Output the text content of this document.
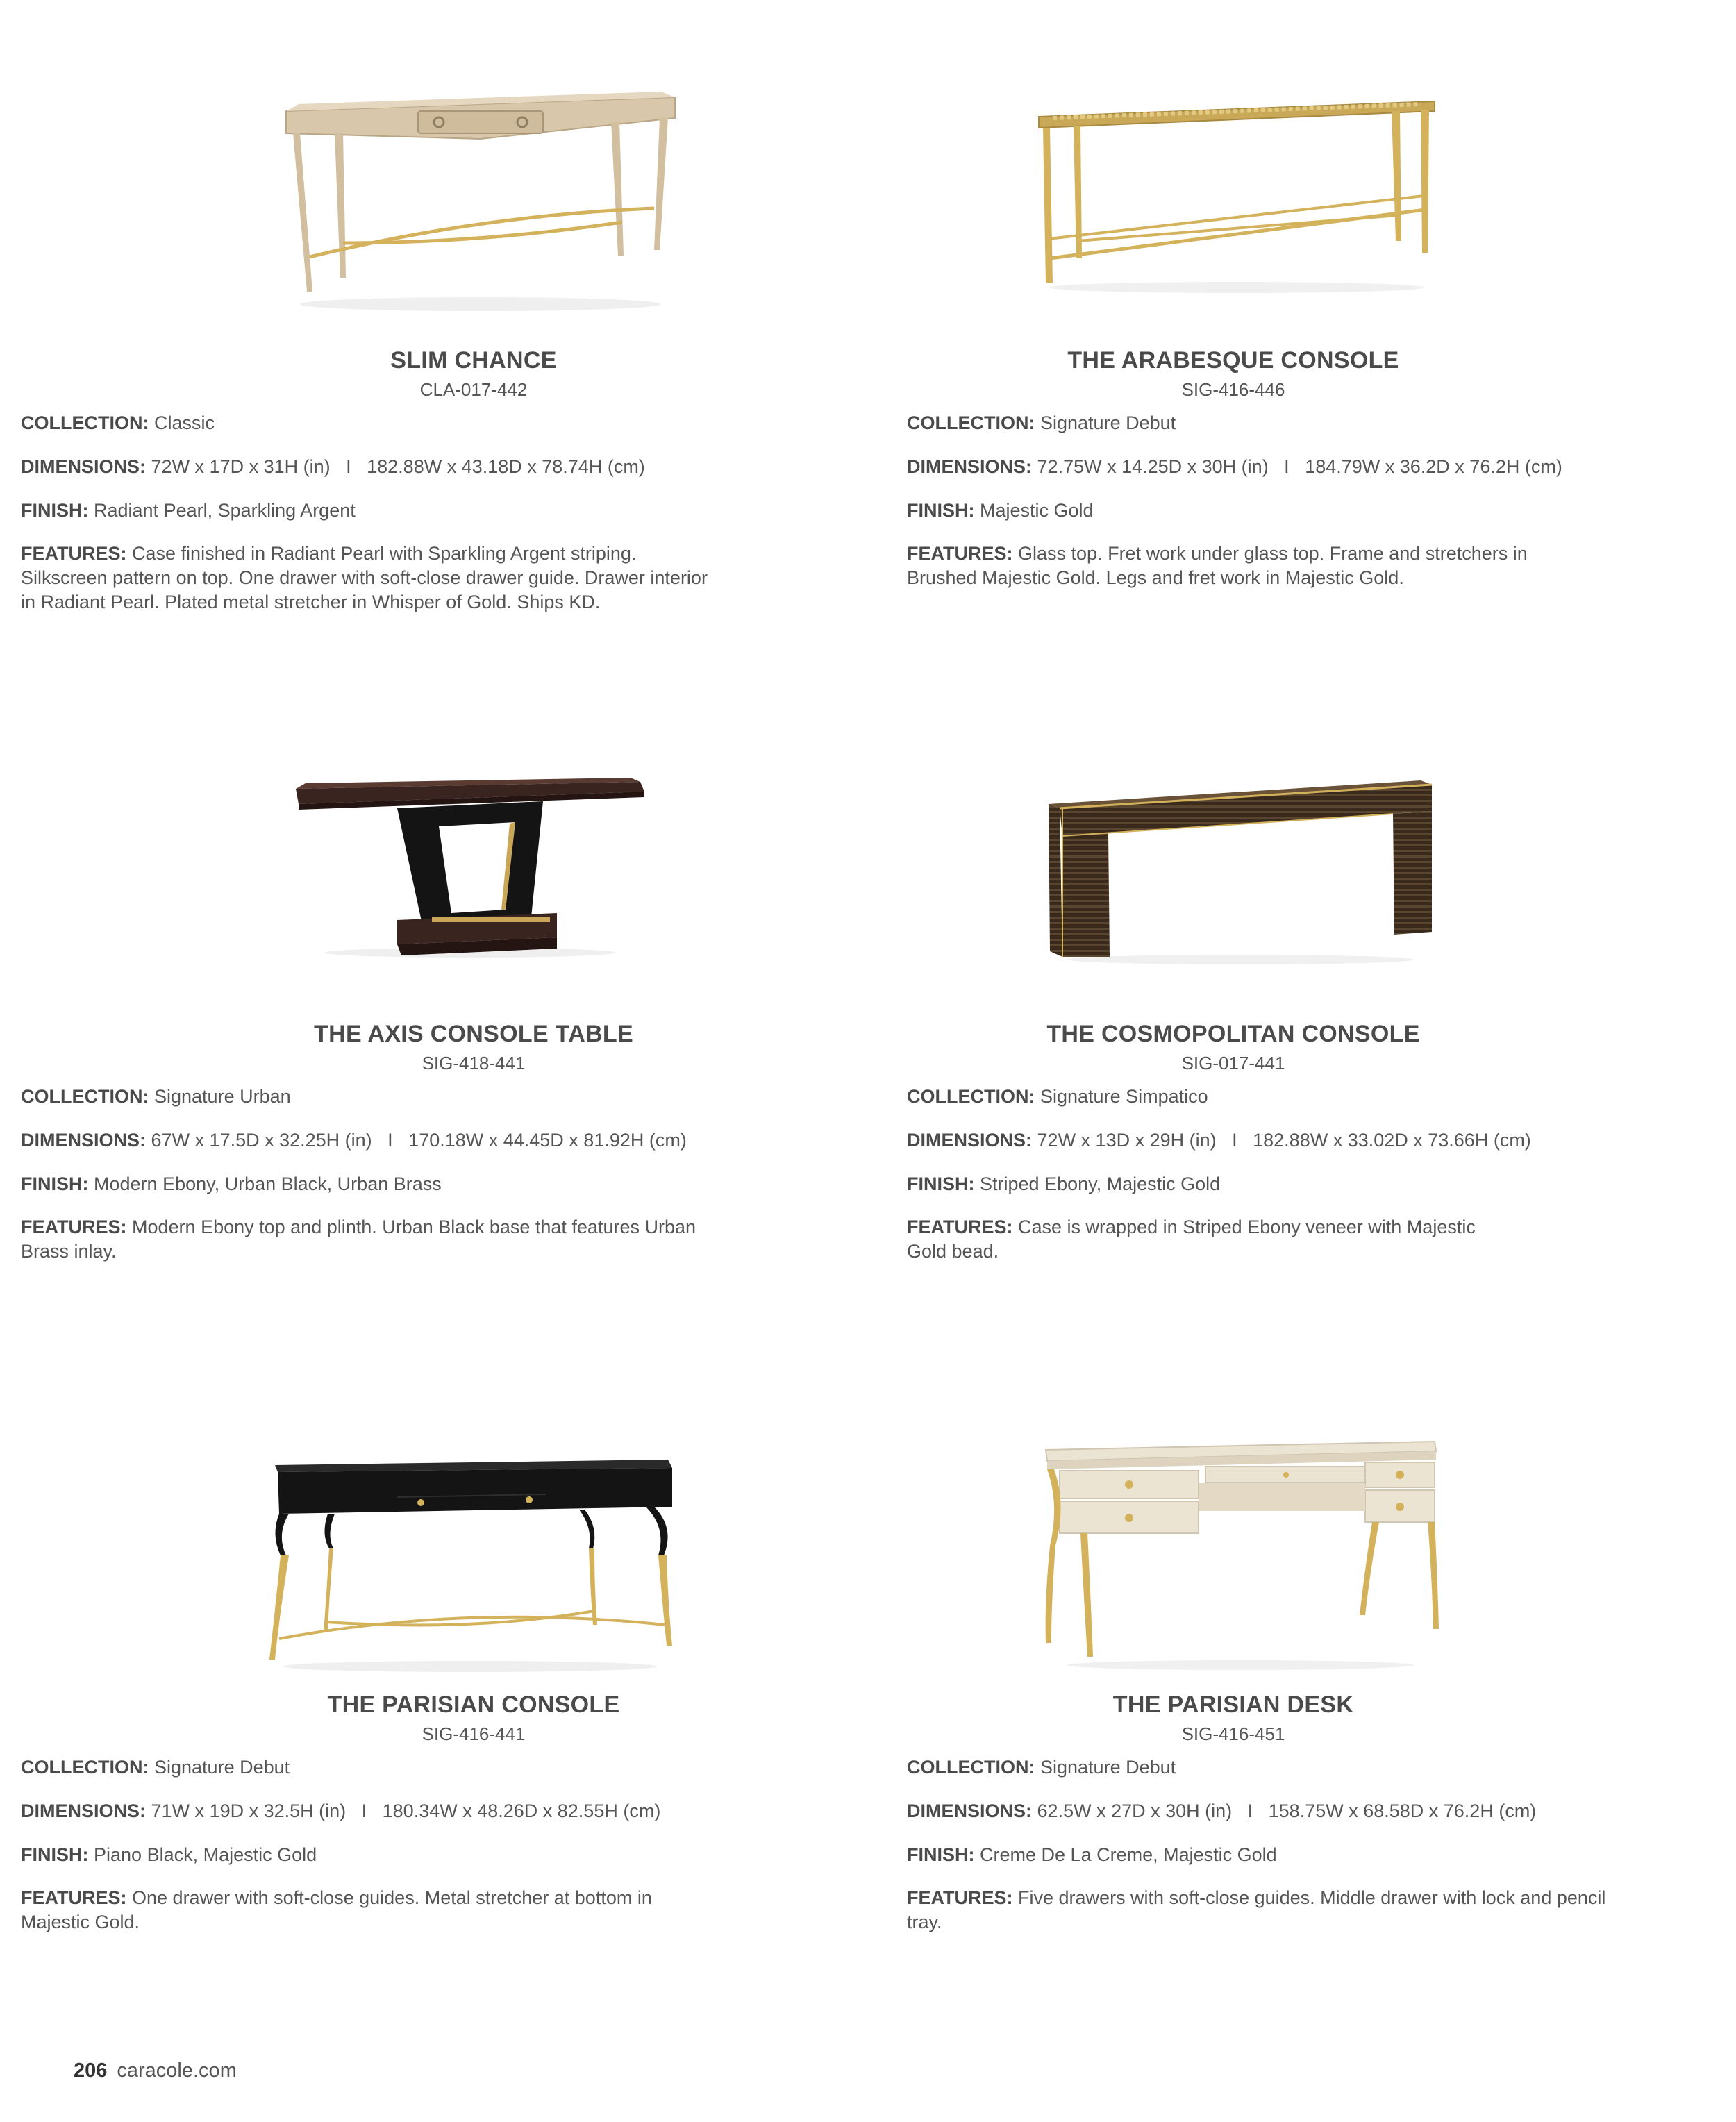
SLIM CHANCE
CLA-017-442
COLLECTION: Classic
DIMENSIONS: 72W x 17D x 31H (in)   I   182.88W x 43.18D x 78.74H (cm)
FINISH: Radiant Pearl, Sparkling Argent
FEATURES: Case finished in Radiant Pearl with Sparkling Argent striping. Silkscreen pattern on top. One drawer with soft-close drawer guide. Drawer interior in Radiant Pearl. Plated metal stretcher in Whisper of Gold. Ships KD.
THE ARABESQUE CONSOLE
SIG-416-446
COLLECTION: Signature Debut
DIMENSIONS: 72.75W x 14.25D x 30H (in)   I   184.79W x 36.2D x 76.2H (cm)
FINISH: Majestic Gold
FEATURES: Glass top. Fret work under glass top. Frame and stretchers in Brushed Majestic Gold. Legs and fret work in Majestic Gold.
THE AXIS CONSOLE TABLE
SIG-418-441
COLLECTION: Signature Urban
DIMENSIONS: 67W x 17.5D x 32.25H (in)   I   170.18W x 44.45D x 81.92H (cm)
FINISH: Modern Ebony, Urban Black, Urban Brass
FEATURES: Modern Ebony top and plinth. Urban Black base that features Urban Brass inlay.
THE COSMOPOLITAN CONSOLE
SIG-017-441
COLLECTION: Signature Simpatico
DIMENSIONS: 72W x 13D x 29H (in)   I   182.88W x 33.02D x 73.66H (cm)
FINISH: Striped Ebony, Majestic Gold
FEATURES: Case is wrapped in Striped Ebony veneer with Majestic Gold bead.
THE PARISIAN CONSOLE
SIG-416-441
COLLECTION: Signature Debut
DIMENSIONS: 71W x 19D x 32.5H (in)   I   180.34W x 48.26D x 82.55H (cm)
FINISH: Piano Black, Majestic Gold
FEATURES: One drawer with soft-close guides. Metal stretcher at bottom in Majestic Gold.
THE PARISIAN DESK
SIG-416-451
COLLECTION: Signature Debut
DIMENSIONS: 62.5W x 27D x 30H (in)   I   158.75W x 68.58D x 76.2H (cm)
FINISH: Creme De La Creme, Majestic Gold
FEATURES: Five drawers with soft-close guides. Middle drawer with lock and pencil tray.
206 caracole.com
